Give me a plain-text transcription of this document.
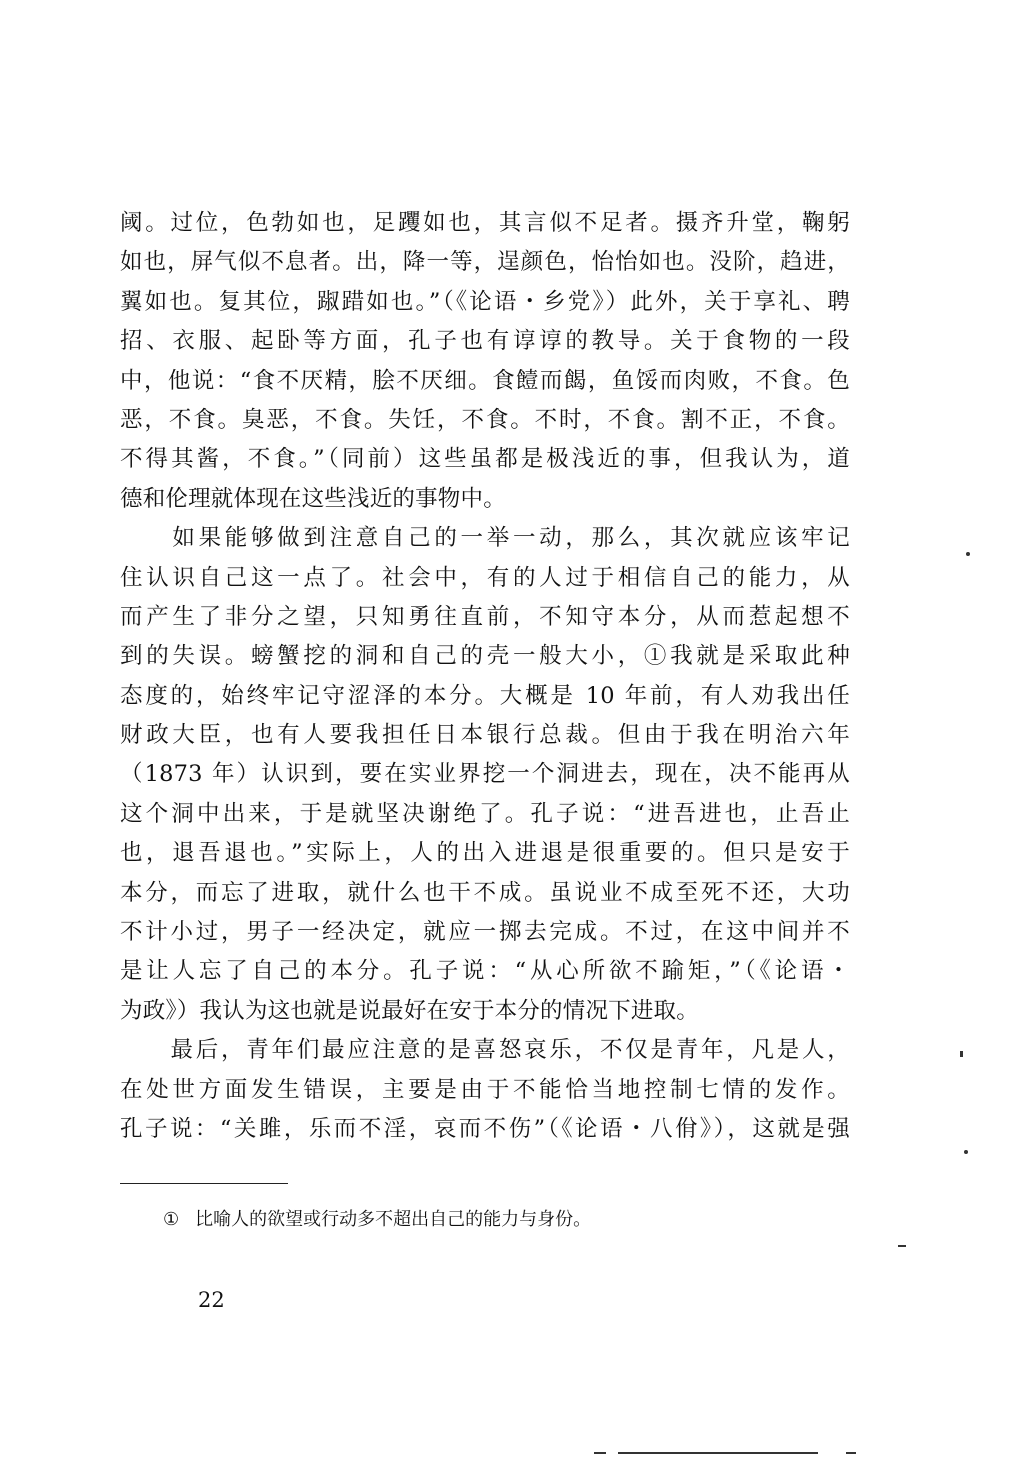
阈。过位，色勃如也，足躩如也，其言似不足者。摄齐升堂，鞠躬
如也，屏气似不息者。出，降一等，逞颜色，怡怡如也。没阶，趋进，
翼如也。复其位，踧踖如也。”（《论语・乡党》）此外，关于享礼、聘
招、衣服、起卧等方面，孔子也有谆谆的教导。关于食物的一段
中，他说：“食不厌精，脍不厌细。食饐而餲，鱼馁而肉败，不食。色
恶，不食。臭恶，不食。失饪，不食。不时，不食。割不正，不食。
不得其酱，不食。”（同前）这些虽都是极浅近的事，但我认为，道
德和伦理就体现在这些浅近的事物中。
　　如果能够做到注意自己的一举一动，那么，其次就应该牢记
住认识自己这一点了。社会中，有的人过于相信自己的能力，从
而产生了非分之望，只知勇往直前，不知守本分，从而惹起想不
到的失误。螃蟹挖的洞和自己的壳一般大小，①我就是采取此种
态度的，始终牢记守涩泽的本分。大概是 10 年前，有人劝我出任
财政大臣，也有人要我担任日本银行总裁。但由于我在明治六年
（1873 年）认识到，要在实业界挖一个洞进去，现在，决不能再从
这个洞中出来，于是就坚决谢绝了。孔子说：“进吾进也，止吾止
也，退吾退也。”实际上，人的出入进退是很重要的。但只是安于
本分，而忘了进取，就什么也干不成。虽说业不成至死不还，大功
不计小过，男子一经决定，就应一掷去完成。不过，在这中间并不
是让人忘了自己的本分。孔子说：“从心所欲不踰矩，”（《论语・
为政》）我认为这也就是说最好在安于本分的情况下进取。
　　最后，青年们最应注意的是喜怒哀乐，不仅是青年，凡是人，
在处世方面发生错误，主要是由于不能恰当地控制七情的发作。
孔子说：“关雎，乐而不淫，哀而不伤”（《论语・八佾》），这就是强
① 比喻人的欲望或行动多不超出自己的能力与身份。
22
